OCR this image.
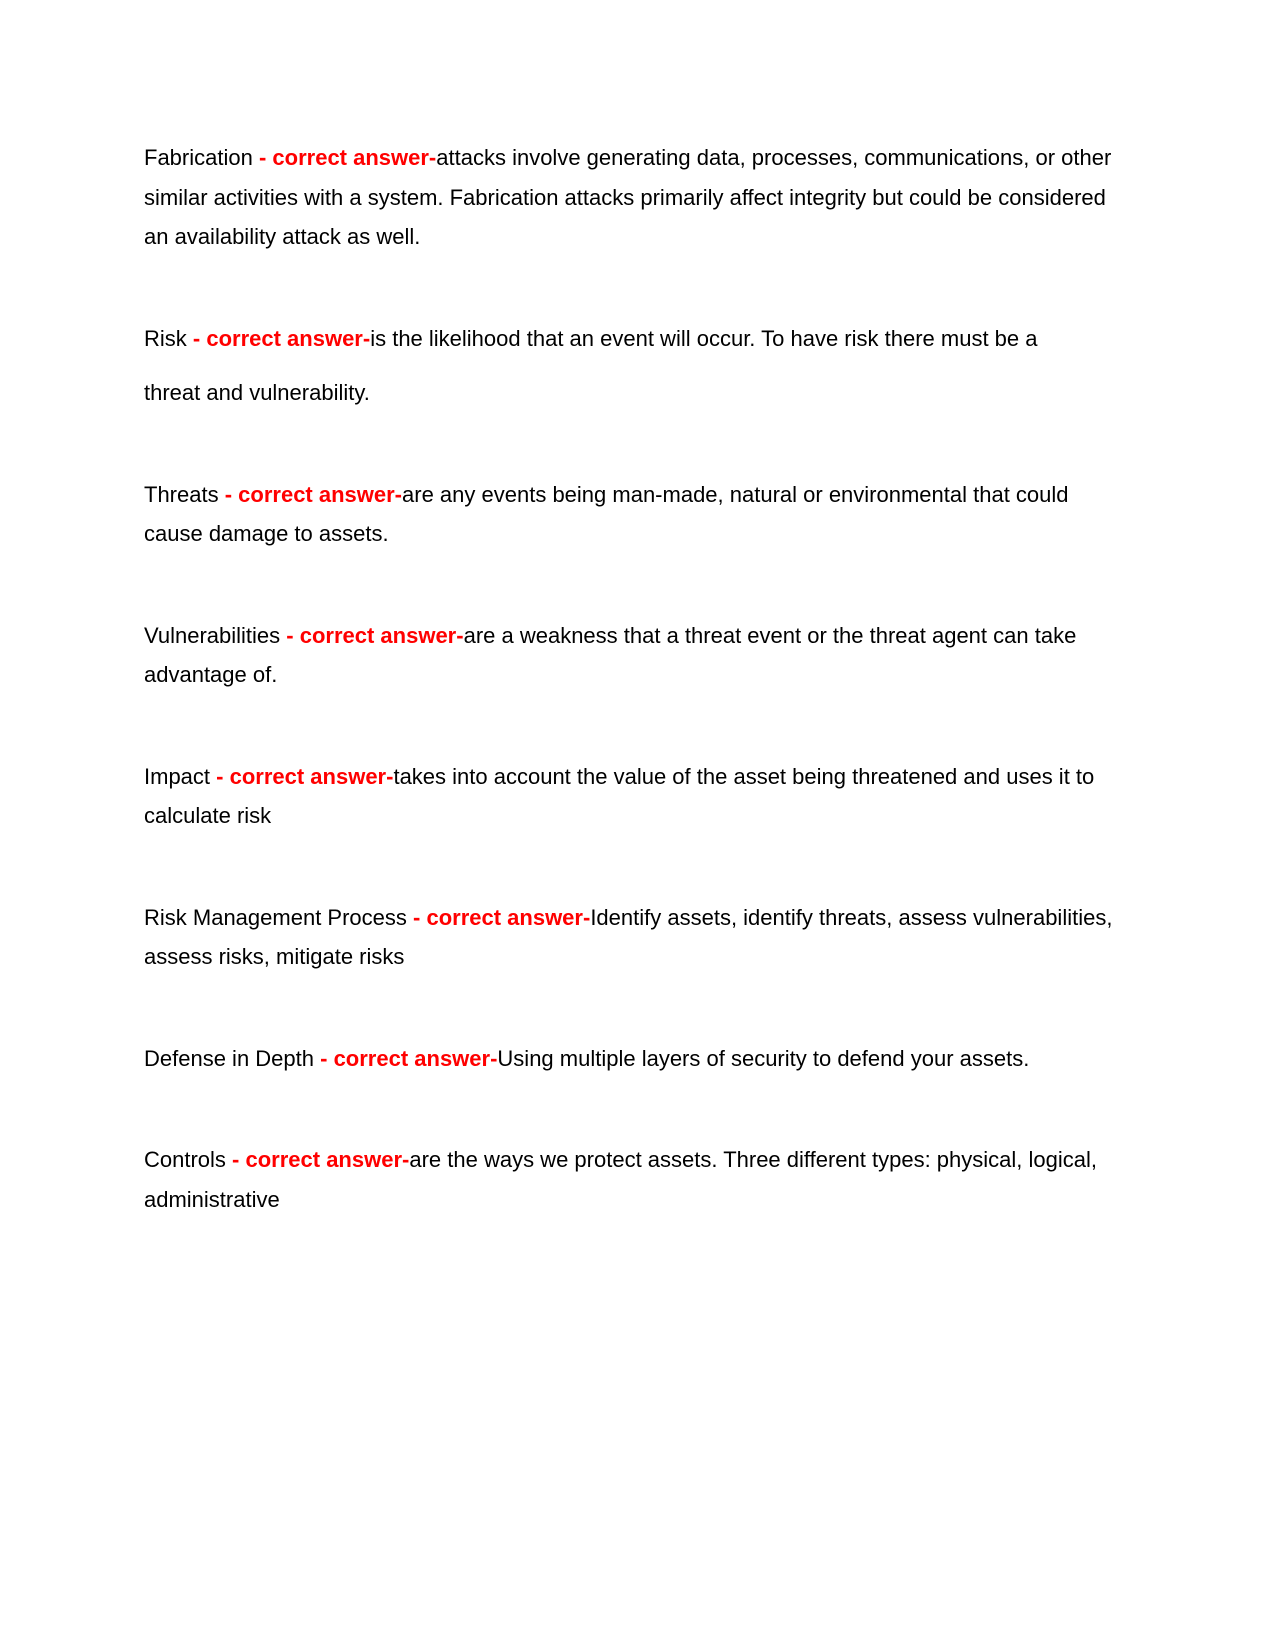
Fabrication - correct answer-attacks involve generating data, processes, communications, or other similar activities with a system. Fabrication attacks primarily affect integrity but could be considered an availability attack as well.

Risk - correct answer-is the likelihood that an event will occur. To have risk there must be a

threat and vulnerability.

Threats - correct answer-are any events being man-made, natural or environmental that could cause damage to assets.

Vulnerabilities - correct answer-are a weakness that a threat event or the threat agent can take advantage of.

Impact - correct answer-takes into account the value of the asset being threatened and uses it to calculate risk

Risk Management Process - correct answer-Identify assets, identify threats, assess vulnerabilities, assess risks, mitigate risks

Defense in Depth - correct answer-Using multiple layers of security to defend your assets.

Controls - correct answer-are the ways we protect assets. Three different types: physical, logical, administrative
